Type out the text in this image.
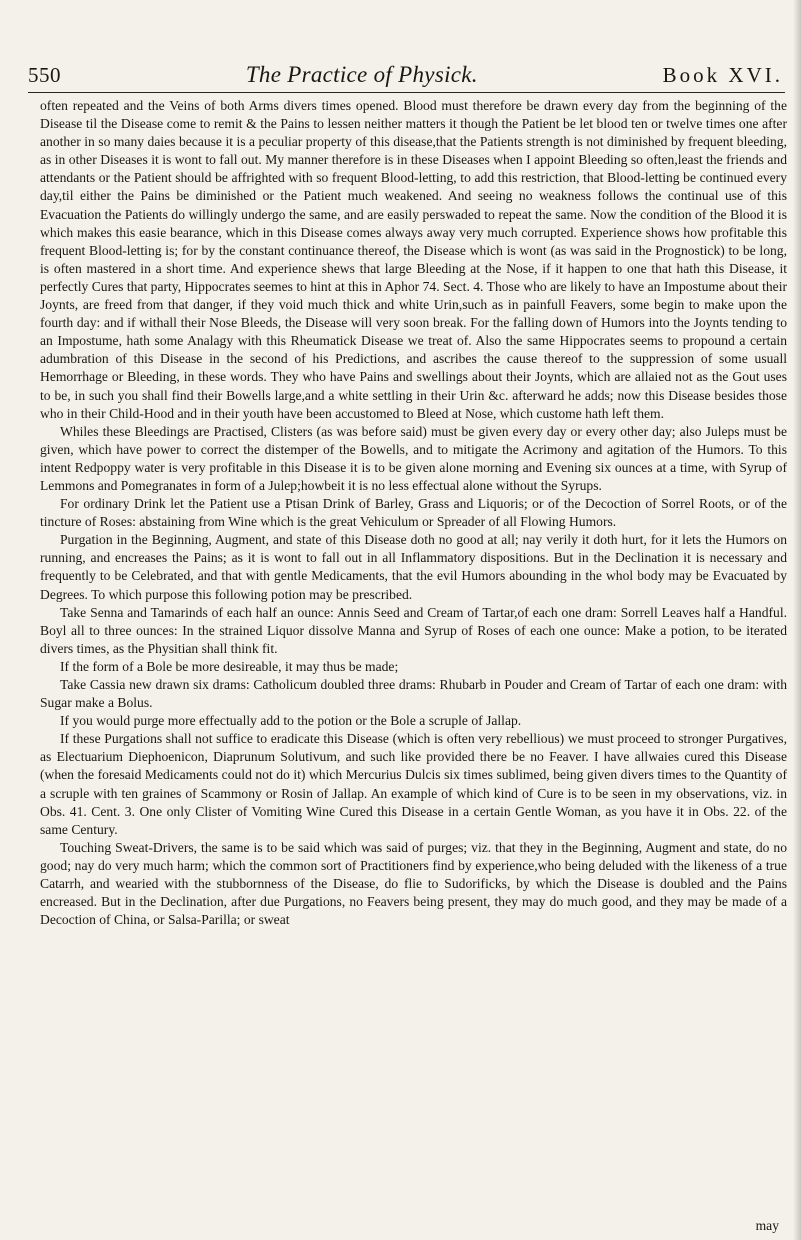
550	The Practice of Physick.	Book XVI.

often repeated and the Veins of both Arms divers times opened. Blood must therefore be drawn every day from the beginning of the Disease til the Disease come to remit & the Pains to lessen neither matters it though the Patient be let blood ten or twelve times one after another in so many daies because it is a peculiar property of this disease,that the Patients strength is not diminished by frequent bleeding, as in other Diseases it is wont to fall out. My manner therefore is in these Diseases when I appoint Bleeding so often,least the friends and attendants or the Patient should be affrighted with so frequent Blood-letting, to add this restriction, that Blood-letting be continued every day,til either the Pains be diminished or the Patient much weakened. And seeing no weakness follows the continual use of this Evacuation the Patients do willingly undergo the same, and are easily perswaded to repeat the same. Now the condition of the Blood it is which makes this easie bearance, which in this Disease comes always away very much corrupted. Experience shows how profitable this frequent Blood-letting is; for by the constant continuance thereof, the Disease which is wont (as was said in the Prognostick) to be long, is often mastered in a short time. And experience shews that large Bleeding at the Nose, if it happen to one that hath this Disease, it perfectly Cures that party, Hippocrates seemes to hint at this in Aphor 74. Sect. 4. Those who are likely to have an Impostume about their Joynts, are freed from that danger, if they void much thick and white Urin,such as in painfull Feavers, some begin to make upon the fourth day: and if withall their Nose Bleeds, the Disease will very soon break. For the falling down of Humors into the Joynts tending to an Impostume, hath some Analagy with this Rheumatick Disease we treat of. Also the same Hippocrates seems to propound a certain adumbration of this Disease in the second of his Predictions, and ascribes the cause thereof to the suppression of some usuall Hemorrhage or Bleeding, in these words. They who have Pains and swellings about their Joynts, which are allaied not as the Gout uses to be, in such you shall find their Bowells large,and a white settling in their Urin &c. afterward he adds; now this Disease besides those who in their Child-Hood and in their youth have been accustomed to Bleed at Nose, which custome hath left them.

Whiles these Bleedings are Practised, Clisters (as was before said) must be given every day or every other day; also Juleps must be given, which have power to correct the distemper of the Bowells, and to mitigate the Acrimony and agitation of the Humors. To this intent Redpoppy water is very profitable in this Disease it is to be given alone morning and Evening six ounces at a time, with Syrup of Lemmons and Pomegranates in form of a Julep;howbeit it is no less effectual alone without the Syrups.

For ordinary Drink let the Patient use a Ptisan Drink of Barley, Grass and Liquoris; or of the Decoction of Sorrel Roots, or of the tincture of Roses: abstaining from Wine which is the great Vehiculum or Spreader of all Flowing Humors.

Purgation in the Beginning, Augment, and state of this Disease doth no good at all; nay verily it doth hurt, for it lets the Humors on running, and encreases the Pains; as it is wont to fall out in all Inflammatory dispositions. But in the Declination it is necessary and frequently to be Celebrated, and that with gentle Medicaments, that the evil Humors abounding in the whol body may be Evacuated by Degrees. To which purpose this following potion may be prescribed.

Take Senna and Tamarinds of each half an ounce: Annis Seed and Cream of Tartar,of each one dram: Sorrell Leaves half a Handful. Boyl all to three ounces: In the strained Liquor dissolve Manna and Syrup of Roses of each one ounce: Make a potion, to be iterated divers times, as the Physitian shall think fit.

If the form of a Bole be more desireable, it may thus be made;

Take Cassia new drawn six drams: Catholicum doubled three drams: Rhubarb in Pouder and Cream of Tartar of each one dram: with Sugar make a Bolus.

If you would purge more effectually add to the potion or the Bole a scruple of Jallap.

If these Purgations shall not suffice to eradicate this Disease (which is often very rebellious) we must proceed to stronger Purgatives, as Electuarium Diephoenicon, Diaprunum Solutivum, and such like provided there be no Feaver. I have allwaies cured this Disease (when the foresaid Medicaments could not do it) which Mercurius Dulcis six times sublimed, being given divers times to the Quantity of a scruple with ten graines of Scammony or Rosin of Jallap. An example of which kind of Cure is to be seen in my observations, viz. in Obs. 41. Cent. 3. One only Clister of Vomiting Wine Cured this Disease in a certain Gentle Woman, as you have it in Obs. 22. of the same Century.

Touching Sweat-Drivers, the same is to be said which was said of purges; viz. that they in the Beginning, Augment and state, do no good; nay do very much harm; which the common sort of Practitioners find by experience,who being deluded with the likeness of a true Catarrh, and wearied with the stubbornness of the Disease, do flie to Sudorificks, by which the Disease is doubled and the Pains encreased. But in the Declination, after due Purgations, no Feavers being present, they may do much good, and they may be made of a Decoction of China, or Salsa-Parilla; or sweat

may
